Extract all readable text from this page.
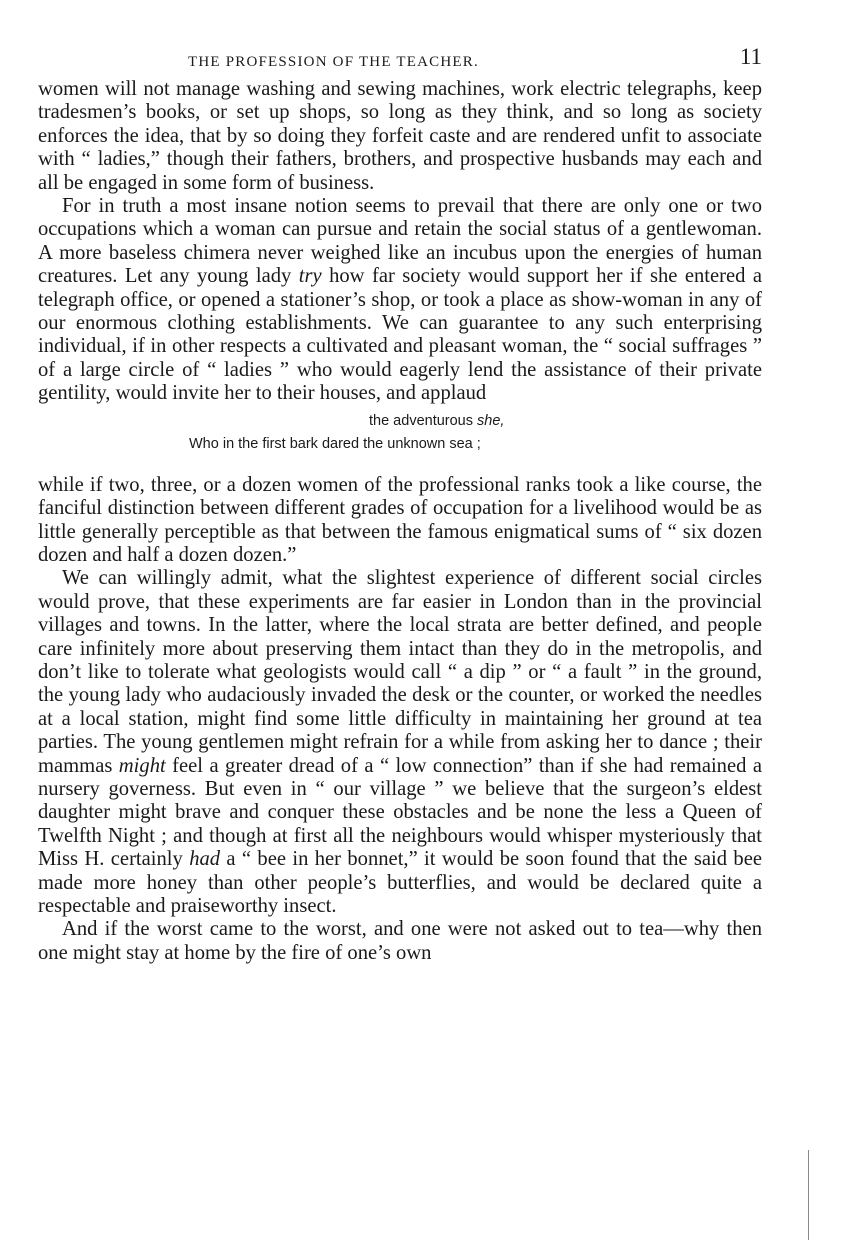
THE PROFESSION OF THE TEACHER.	11

women will not manage washing and sewing machines, work electric telegraphs, keep tradesmen’s books, or set up shops, so long as they think, and so long as society enforces the idea, that by so doing they forfeit caste and are rendered unfit to associate with “ ladies,” though their fathers, brothers, and prospective husbands may each and all be engaged in some form of business.

For in truth a most insane notion seems to prevail that there are only one or two occupations which a woman can pursue and retain the social status of a gentlewoman. A more baseless chimera never weighed like an incubus upon the energies of human creatures. Let any young lady try how far society would support her if she entered a telegraph office, or opened a stationer’s shop, or took a place as show-woman in any of our enormous clothing establishments. We can guarantee to any such enterprising individual, if in other respects a cultivated and pleasant woman, the “ social suffrages ” of a large circle of “ ladies ” who would eagerly lend the assistance of their private gentility, would invite her to their houses, and applaud

the adventurous she,
Who in the first bark dared the unknown sea ;

while if two, three, or a dozen women of the professional ranks took a like course, the fanciful distinction between different grades of occupation for a livelihood would be as little generally perceptible as that between the famous enigmatical sums of “ six dozen dozen and half a dozen dozen.”

We can willingly admit, what the slightest experience of different social circles would prove, that these experiments are far easier in London than in the provincial villages and towns. In the latter, where the local strata are better defined, and people care infinitely more about preserving them intact than they do in the metropolis, and don’t like to tolerate what geologists would call “ a dip ” or “ a fault ” in the ground, the young lady who audaciously invaded the desk or the counter, or worked the needles at a local station, might find some little difficulty in maintaining her ground at tea parties. The young gentlemen might refrain for a while from asking her to dance ; their mammas might feel a greater dread of a “ low connection” than if she had remained a nursery governess. But even in “ our village ” we believe that the surgeon’s eldest daughter might brave and conquer these obstacles and be none the less a Queen of Twelfth Night ; and though at first all the neighbours would whisper mysteriously that Miss H. certainly had a “ bee in her bonnet,” it would be soon found that the said bee made more honey than other people’s butterflies, and would be declared quite a respectable and praiseworthy insect.

And if the worst came to the worst, and one were not asked out to tea—why then one might stay at home by the fire of one’s own
